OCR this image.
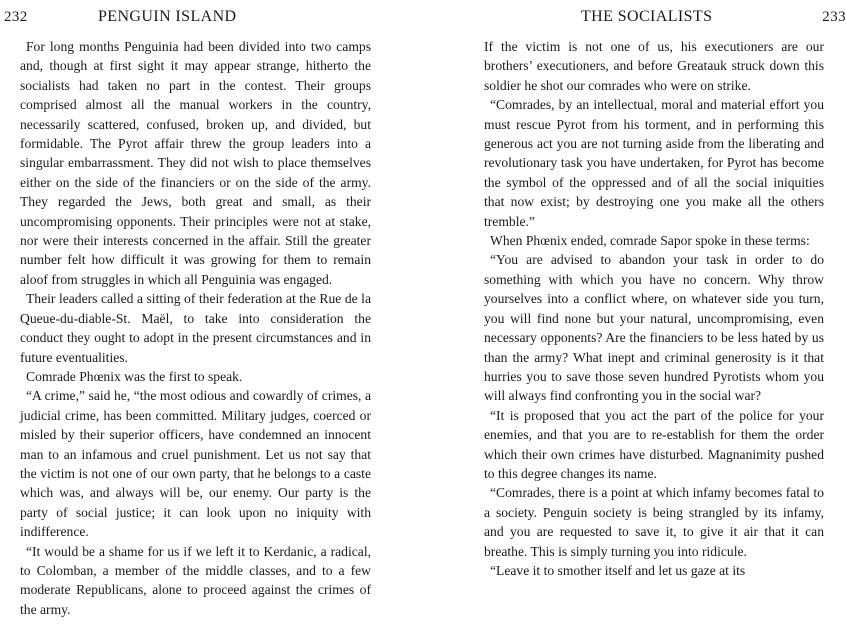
232	PENGUIN ISLAND

For long months Penguinia had been divided into two camps and, though at first sight it may appear strange, hitherto the socialists had taken no part in the contest. Their groups comprised almost all the manual workers in the country, necessarily scattered, confused, broken up, and divided, but formidable. The Pyrot affair threw the group leaders into a singular embarrassment. They did not wish to place themselves either on the side of the financiers or on the side of the army. They regarded the Jews, both great and small, as their uncompromising opponents. Their principles were not at stake, nor were their interests concerned in the affair. Still the greater number felt how difficult it was growing for them to remain aloof from struggles in which all Penguinia was engaged.

Their leaders called a sitting of their federation at the Rue de la Queue-du-diable-St. Maël, to take into consideration the conduct they ought to adopt in the present circumstances and in future eventualities.

Comrade Phœnix was the first to speak.

“A crime,” said he, “the most odious and cowardly of crimes, a judicial crime, has been committed. Military judges, coerced or misled by their superior officers, have condemned an innocent man to an infamous and cruel punishment. Let us not say that the victim is not one of our own party, that he belongs to a caste which was, and always will be, our enemy. Our party is the party of social justice; it can look upon no iniquity with indifference.

“It would be a shame for us if we left it to Kerdanic, a radical, to Colomban, a member of the middle classes, and to a few moderate Republicans, alone to proceed against the crimes of the army.

THE SOCIALISTS	233

If the victim is not one of us, his executioners are our brothers’ executioners, and before Greatauk struck down this soldier he shot our comrades who were on strike.

“Comrades, by an intellectual, moral and material effort you must rescue Pyrot from his torment, and in performing this generous act you are not turning aside from the liberating and revolutionary task you have undertaken, for Pyrot has become the symbol of the oppressed and of all the social iniquities that now exist; by destroying one you make all the others tremble.”

When Phœnix ended, comrade Sapor spoke in these terms:

“You are advised to abandon your task in order to do something with which you have no concern. Why throw yourselves into a conflict where, on whatever side you turn, you will find none but your natural, uncompromising, even necessary opponents? Are the financiers to be less hated by us than the army? What inept and criminal generosity is it that hurries you to save those seven hundred Pyrotists whom you will always find confronting you in the social war?

“It is proposed that you act the part of the police for your enemies, and that you are to re-establish for them the order which their own crimes have disturbed. Magnanimity pushed to this degree changes its name.

“Comrades, there is a point at which infamy becomes fatal to a society. Penguin society is being strangled by its infamy, and you are requested to save it, to give it air that it can breathe. This is simply turning you into ridicule.

“Leave it to smother itself and let us gaze at its
